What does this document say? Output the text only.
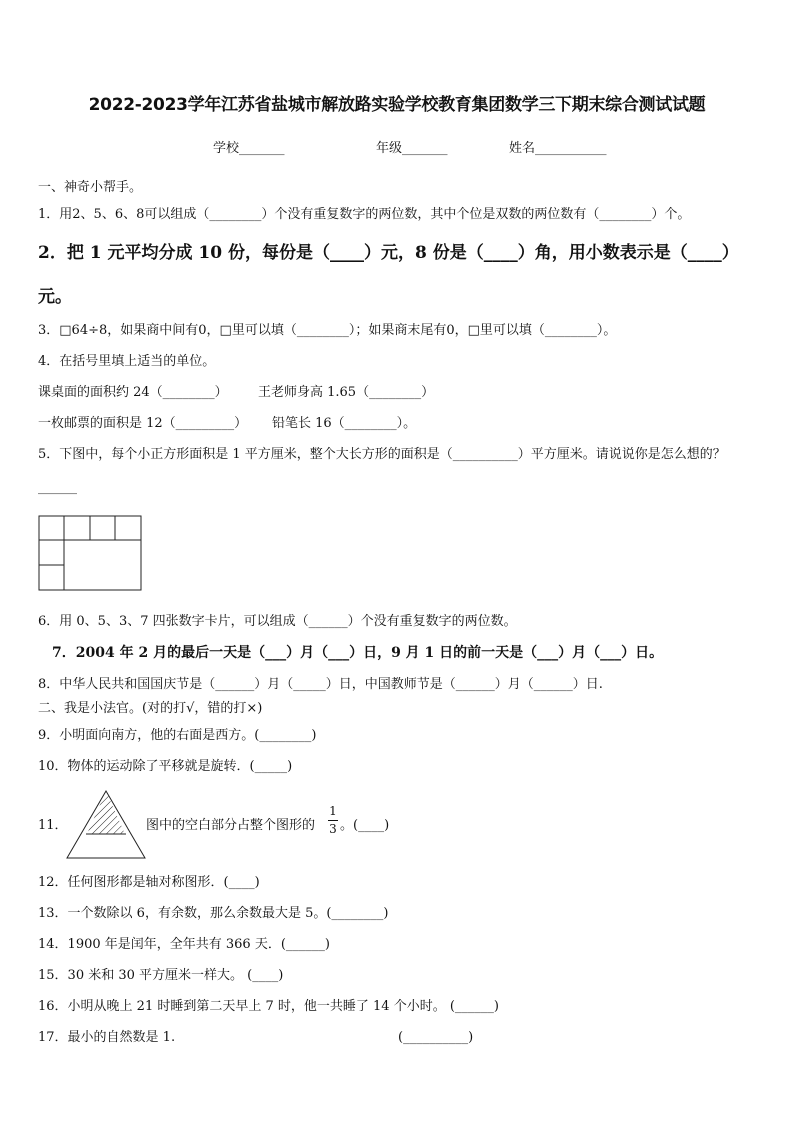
2022-2023学年江苏省盐城市解放路实验学校教育集团数学三下期末综合测试试题
学校_______	年级_______	姓名___________
一、神奇小帮手。
1．用2、5、6、8可以组成（________）个没有重复数字的两位数，其中个位是双数的两位数有（________）个。
2．把 1 元平均分成 10 份，每份是（____）元，8 份是（____）角，用小数表示是（____）
元。
3．□64÷8，如果商中间有0，□里可以填（________）；如果商末尾有0，□里可以填（________）。
4．在括号里填上适当的单位。
课桌面的面积约 24（________） 王老师身高 1.65（________）
一枚邮票的面积是 12（_________） 铅笔长 16（________）。
5．下图中，每个小正方形面积是 1 平方厘米，整个大长方形的面积是（__________）平方厘米。请说说你是怎么想的？
______
6．用 0、5、3、7 四张数字卡片，可以组成（______）个没有重复数字的两位数。
7．2004 年 2 月的最后一天是（___）月（___）日，9 月 1 日的前一天是（___）月（___）日。
8．中华人民共和国国庆节是（______）月（_____）日，中国教师节是（______）月（______）日.
二、我是小法官。(对的打√，错的打×)
9．小明面向南方，他的右面是西方。(________)
10．物体的运动除了平移就是旋转．(_____)
11．	图中的空白部分占整个图形的
1
3 。(____)
12．任何图形都是轴对称图形．(____)
13．一个数除以 6，有余数，那么余数最大是 5。(________)
14．1900 年是闰年，全年共有 366 天．(______)
15．30 米和 30 平方厘米一样大。 (____)
16．小明从晚上 21 时睡到第二天早上 7 时，他一共睡了 14 个小时。 (______)
17．最小的自然数是 1.	(__________)
